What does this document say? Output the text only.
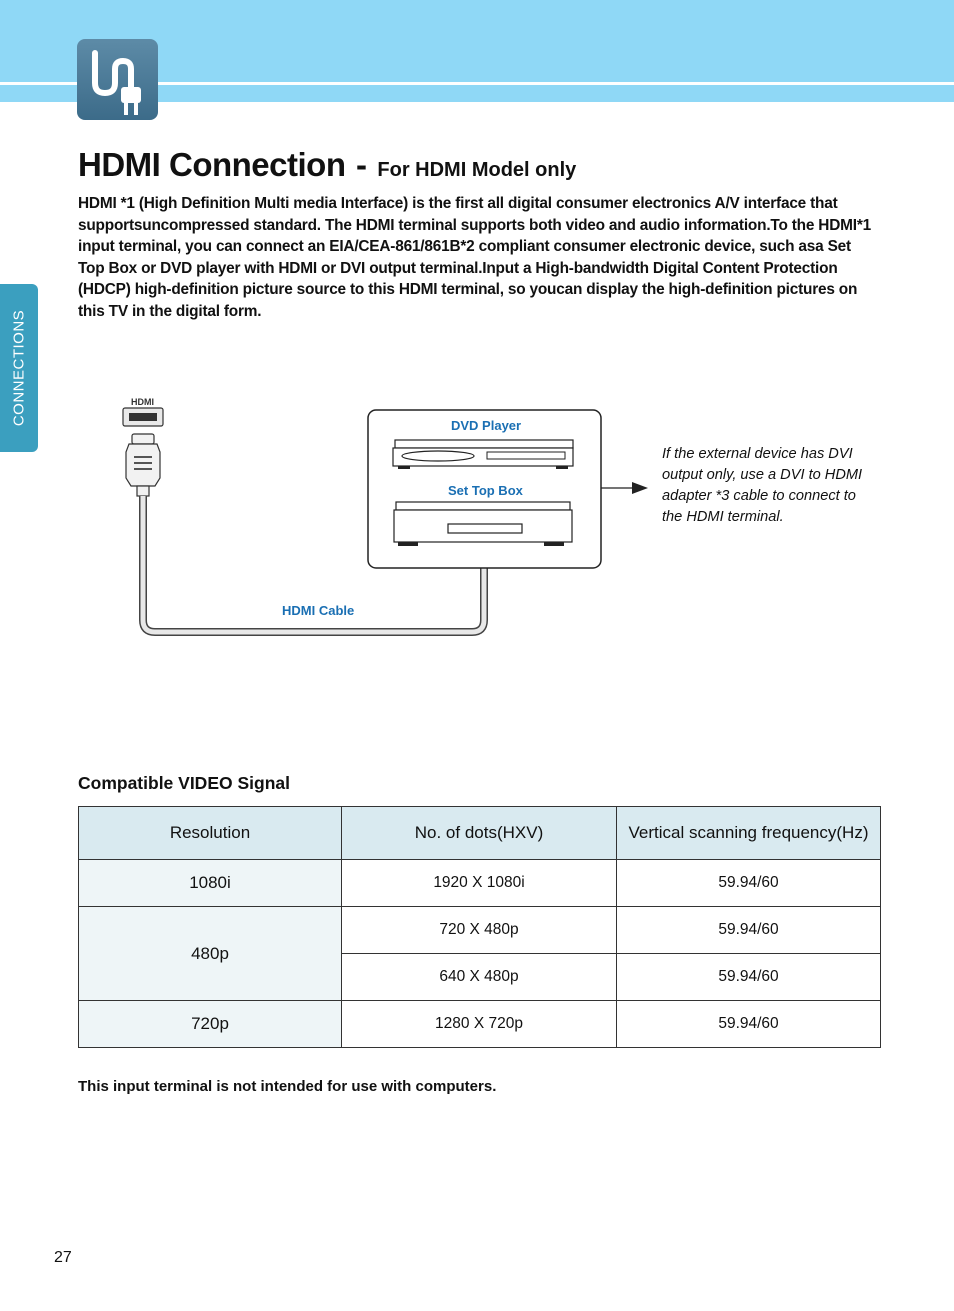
CONNECTIONS
HDMI Connection - For HDMI Model only

HDMI *1 (High Definition Multi media Interface) is the first all digital consumer electronics A/V interface that supportsuncompressed standard. The HDMI terminal supports both video and audio information.To the HDMI*1 input terminal, you can connect an EIA/CEA-861/861B*2 compliant consumer electronic device, such asa Set Top Box or DVD player with HDMI or DVI output terminal.Input a High-bandwidth Digital Content Protection (HDCP) high-definition picture source to this HDMI terminal, so youcan display the high-definition pictures on this TV in the digital form.

HDMI
DVD Player
Set Top Box
HDMI Cable
If the external device has DVI output only, use a DVI to HDMI adapter *3 cable to connect to the HDMI terminal.
Compatible VIDEO Signal
Resolution	No. of dots(HXV)	Vertical scanning frequency(Hz)
1080i	1920 X 1080i	59.94/60
480p	720 X 480p	59.94/60
	640 X 480p	59.94/60
720p	1280 X 720p	59.94/60
This input terminal is not intended for use with computers.
27
